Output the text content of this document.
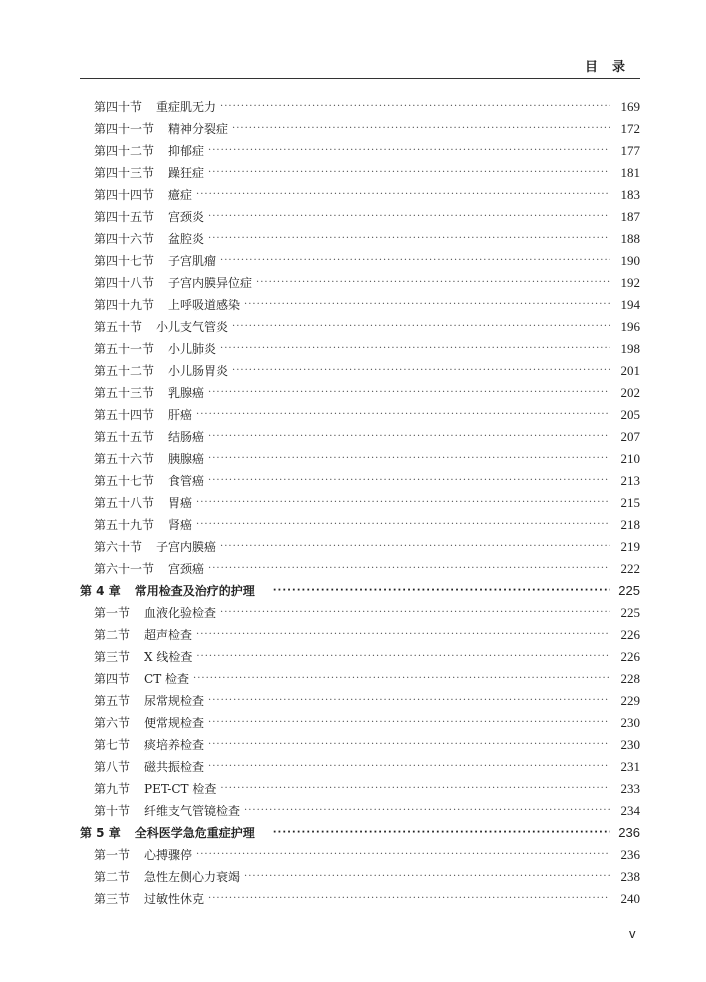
目录
第四十节 重症肌无力 ·····	169
第四十一节 精神分裂症 ·····	172
第四十二节 抑郁症 ·····	177
第四十三节 躁狂症 ·····	181
第四十四节 癔症 ·····	183
第四十五节 宫颈炎 ·····	187
第四十六节 盆腔炎 ·····	188
第四十七节 子宫肌瘤 ·····	190
第四十八节 子宫内膜异位症 ·····	192
第四十九节 上呼吸道感染 ·····	194
第五十节 小儿支气管炎 ·····	196
第五十一节 小儿肺炎 ·····	198
第五十二节 小儿肠胃炎 ·····	201
第五十三节 乳腺癌 ·····	202
第五十四节 肝癌 ·····	205
第五十五节 结肠癌 ·····	207
第五十六节 胰腺癌 ·····	210
第五十七节 食管癌 ·····	213
第五十八节 胃癌 ·····	215
第五十九节 肾癌 ·····	218
第六十节 子宫内膜癌 ·····	219
第六十一节 宫颈癌 ·····	222
第 4 章 常用检查及治疗的护理 ·····	225
第一节 血液化验检查 ·····	225
第二节 超声检查 ·····	226
第三节 X 线检查 ·····	226
第四节 CT 检查 ·····	228
第五节 尿常规检查 ·····	229
第六节 便常规检查 ·····	230
第七节 痰培养检查 ·····	230
第八节 磁共振检查 ·····	231
第九节 PET-CT 检查 ·····	233
第十节 纤维支气管镜检查 ·····	234
第 5 章 全科医学急危重症护理 ·····	236
第一节 心搏骤停 ·····	236
第二节 急性左侧心力衰竭 ·····	238
第三节 过敏性休克 ·····	240
v
